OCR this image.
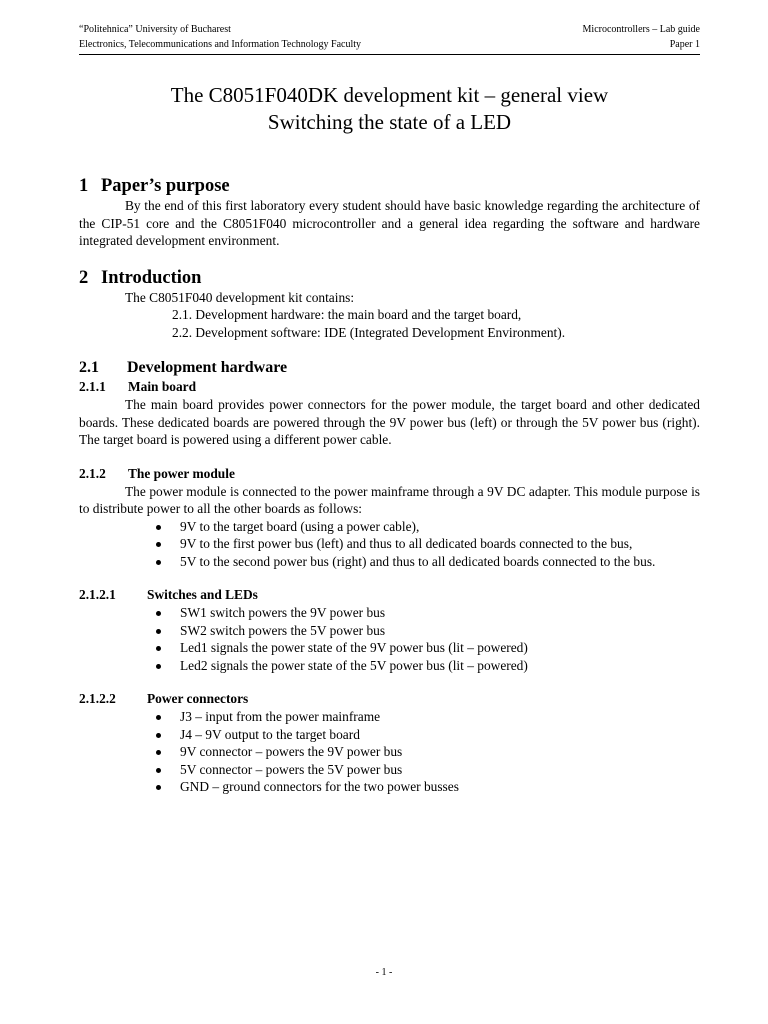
“Politehnica” University of Bucharest	Microcontrollers – Lab guide
Electronics, Telecommunications and Information Technology Faculty	Paper 1

The C8051F040DK development kit – general view

Switching the state of a LED

1 Paper’s purpose

By the end of this first laboratory every student should have basic knowledge regarding the architecture of the CIP-51 core and the C8051F040 microcontroller and a general idea regarding the software and hardware integrated development environment.

2 Introduction

The C8051F040 development kit contains:

2.1. Development hardware: the main board and the target board,

2.2. Development software: IDE (Integrated Development Environment).

2.1 Development hardware
2.1.1 Main board

The main board provides power connectors for the power module, the target board and other dedicated boards. These dedicated boards are powered through the 9V power bus (left) or through the 5V power bus (right). The target board is powered using a different power cable.

2.1.2 The power module

The power module is connected to the power mainframe through a 9V DC adapter. This module purpose is to distribute power to all the other boards as follows:

9V to the target board (using a power cable),
9V to the first power bus (left) and thus to all dedicated boards connected to the bus,
5V to the second power bus (right) and thus to all dedicated boards connected to the bus.
2.1.2.1 Switches and LEDs
SW1 switch powers the 9V power bus
SW2 switch powers the 5V power bus
Led1 signals the power state of the 9V power bus (lit – powered)
Led2 signals the power state of the 5V power bus (lit – powered)
2.1.2.2 Power connectors
J3 – input from the power mainframe
J4 – 9V output to the target board
9V connector – powers the 9V power bus
5V connector – powers the 5V power bus
GND – ground connectors for the two power busses
- 1 -
